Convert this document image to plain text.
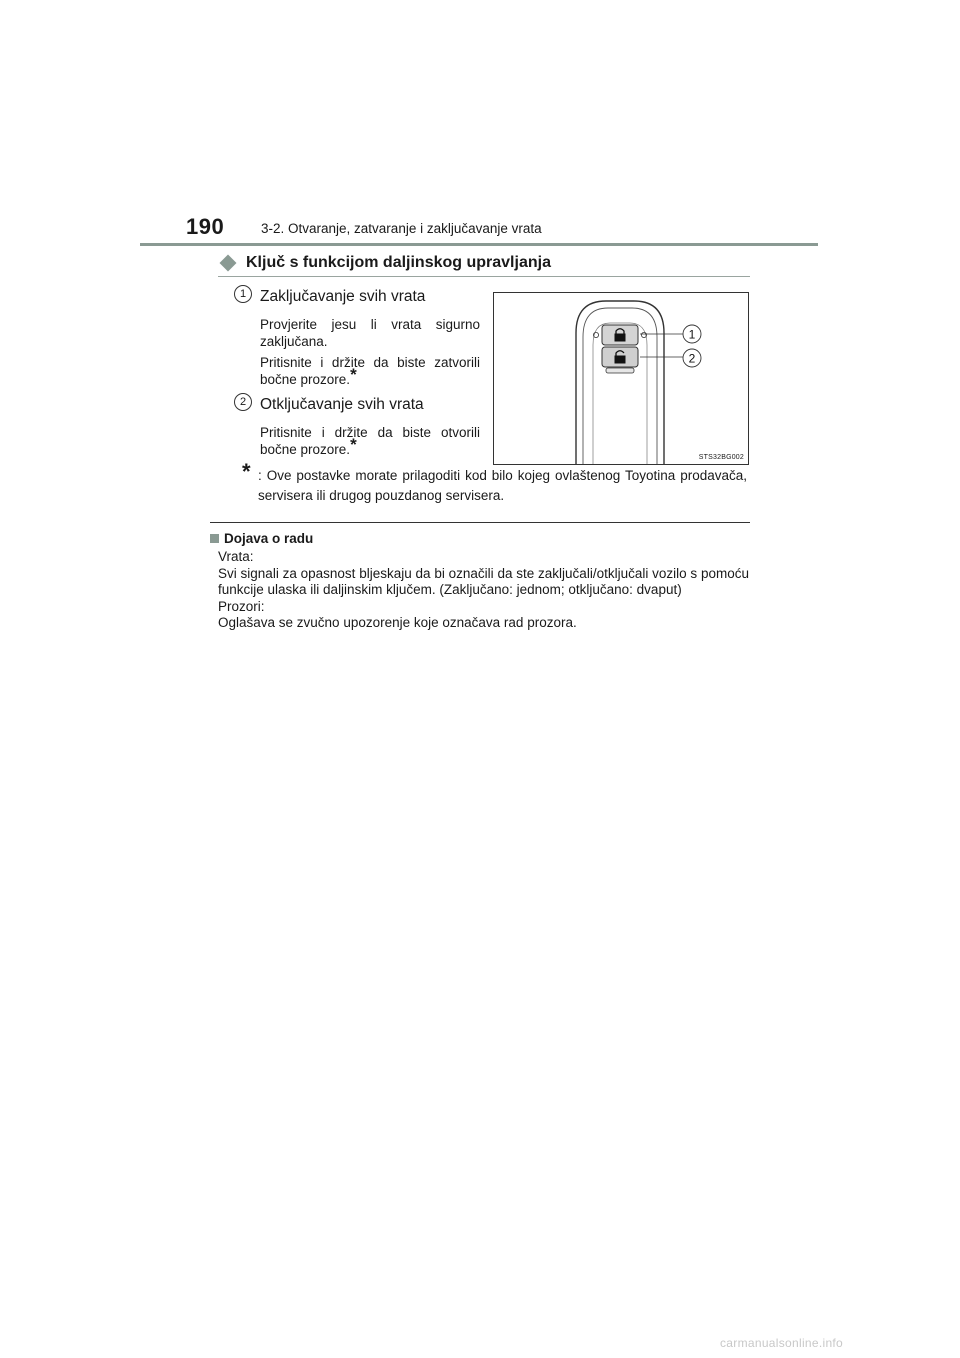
190	3-2. Otvaranje, zatvaranje i zaključavanje vrata
Ključ s funkcijom daljinskog upravljanja
1 Zaključavanje svih vrata
Provjerite jesu li vrata sigurno zaključana.
Pritisnite i držite da biste zatvorili bočne prozore.*
2 Otključavanje svih vrata
Pritisnite i držite da biste otvorili bočne prozore.*
1
2
STS32BG002
* : Ove postavke morate prilagoditi kod bilo kojeg ovlaštenog Toyotina prodavača, servisera ili drugog pouzdanog servisera.
Dojava o radu

Vrata:

Svi signali za opasnost bljeskaju da bi označili da ste zaključali/otključali vozilo s pomoću funkcije ulaska ili daljinskim ključem. (Zaključano: jednom; otključano: dvaput)

Prozori:

Oglašava se zvučno upozorenje koje označava rad prozora.

carmanualsonline.info
